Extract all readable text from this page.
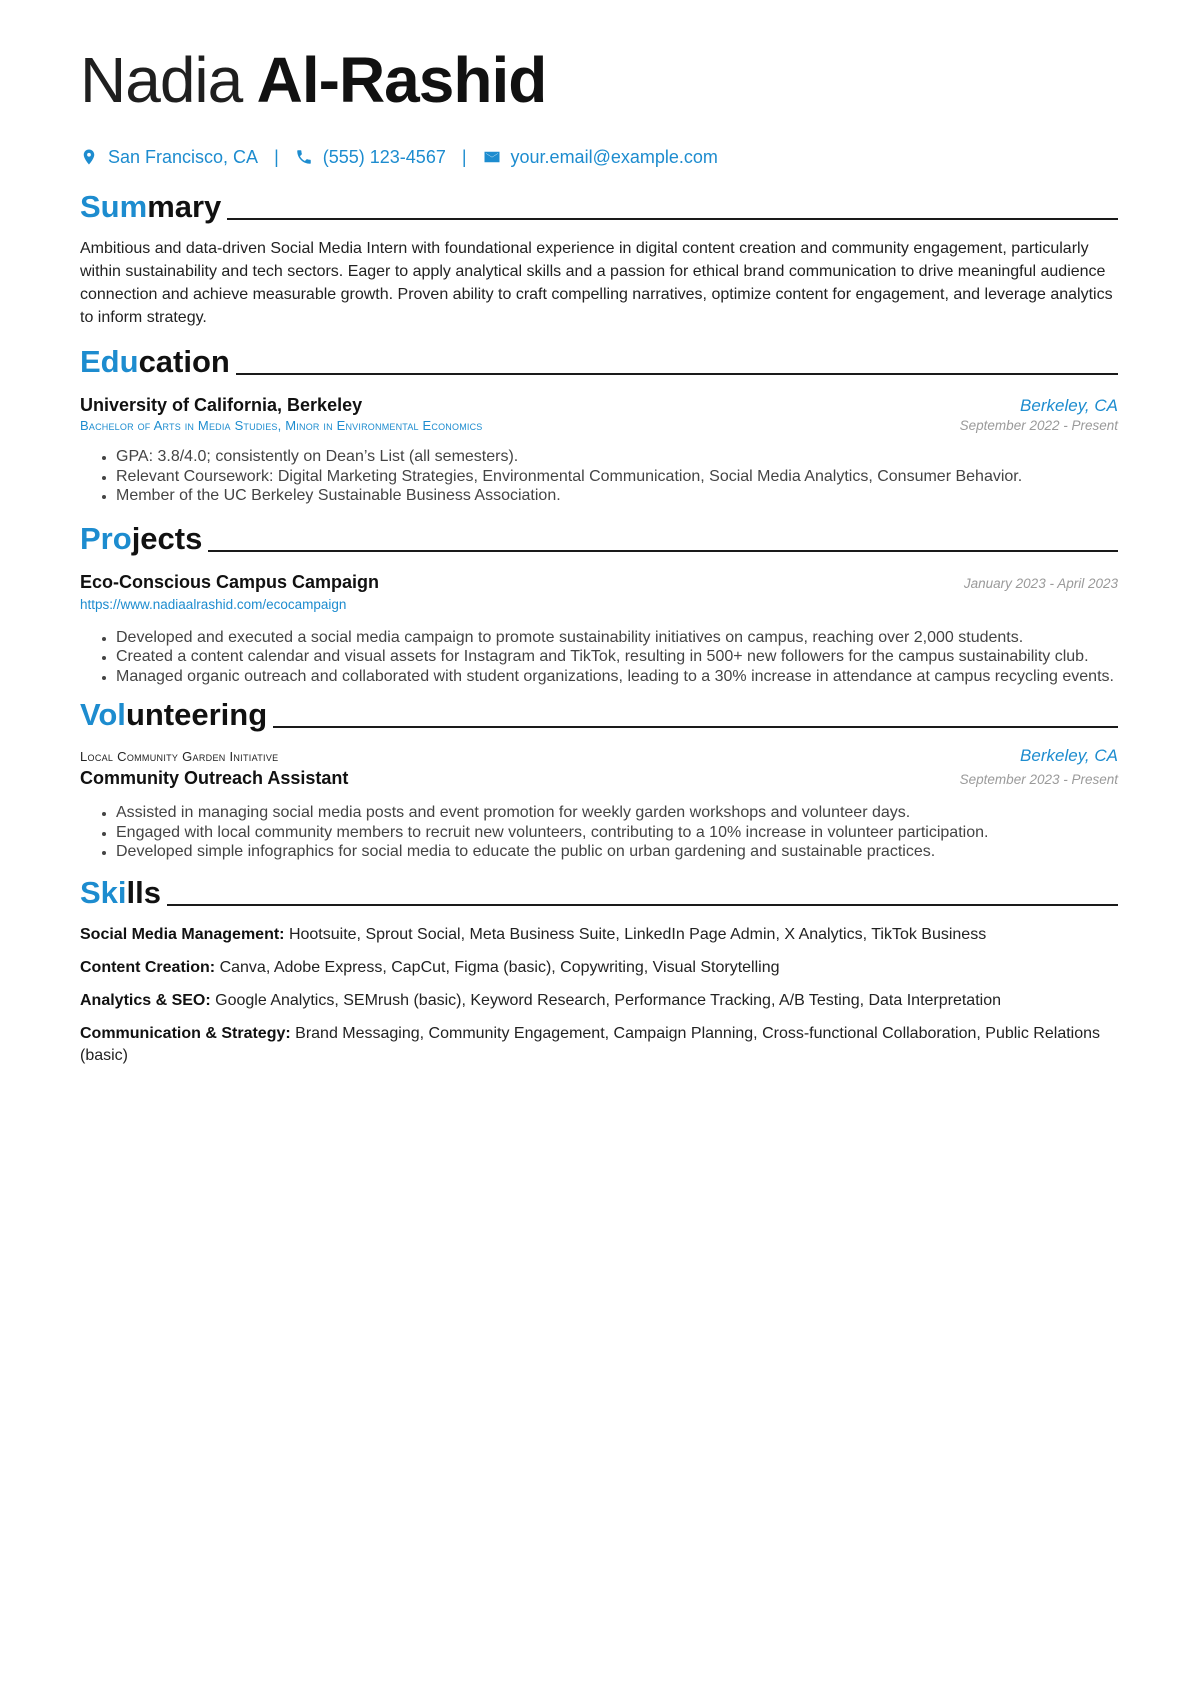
Nadia Al-Rashid
San Francisco, CA | (555) 123-4567 | your.email@example.com
Summary
Ambitious and data-driven Social Media Intern with foundational experience in digital content creation and community engagement, particularly within sustainability and tech sectors. Eager to apply analytical skills and a passion for ethical brand communication to drive meaningful audience connection and achieve measurable growth. Proven ability to craft compelling narratives, optimize content for engagement, and leverage analytics to inform strategy.
Education
University of California, Berkeley	Berkeley, CA
Bachelor of Arts in Media Studies, Minor in Environmental Economics	September 2022 - Present
• GPA: 3.8/4.0; consistently on Dean’s List (all semesters).
• Relevant Coursework: Digital Marketing Strategies, Environmental Communication, Social Media Analytics, Consumer Behavior.
• Member of the UC Berkeley Sustainable Business Association.
Projects
Eco-Conscious Campus Campaign	January 2023 - April 2023
https://www.nadiaalrashid.com/ecocampaign
• Developed and executed a social media campaign to promote sustainability initiatives on campus, reaching over 2,000 students.
• Created a content calendar and visual assets for Instagram and TikTok, resulting in 500+ new followers for the campus sustainability club.
• Managed organic outreach and collaborated with student organizations, leading to a 30% increase in attendance at campus recycling events.
Volunteering
Local Community Garden Initiative	Berkeley, CA
Community Outreach Assistant	September 2023 - Present
• Assisted in managing social media posts and event promotion for weekly garden workshops and volunteer days.
• Engaged with local community members to recruit new volunteers, contributing to a 10% increase in volunteer participation.
• Developed simple infographics for social media to educate the public on urban gardening and sustainable practices.
Skills
Social Media Management: Hootsuite, Sprout Social, Meta Business Suite, LinkedIn Page Admin, X Analytics, TikTok Business
Content Creation: Canva, Adobe Express, CapCut, Figma (basic), Copywriting, Visual Storytelling
Analytics & SEO: Google Analytics, SEMrush (basic), Keyword Research, Performance Tracking, A/B Testing, Data Interpretation
Communication & Strategy: Brand Messaging, Community Engagement, Campaign Planning, Cross-functional Collaboration, Public Relations (basic)
